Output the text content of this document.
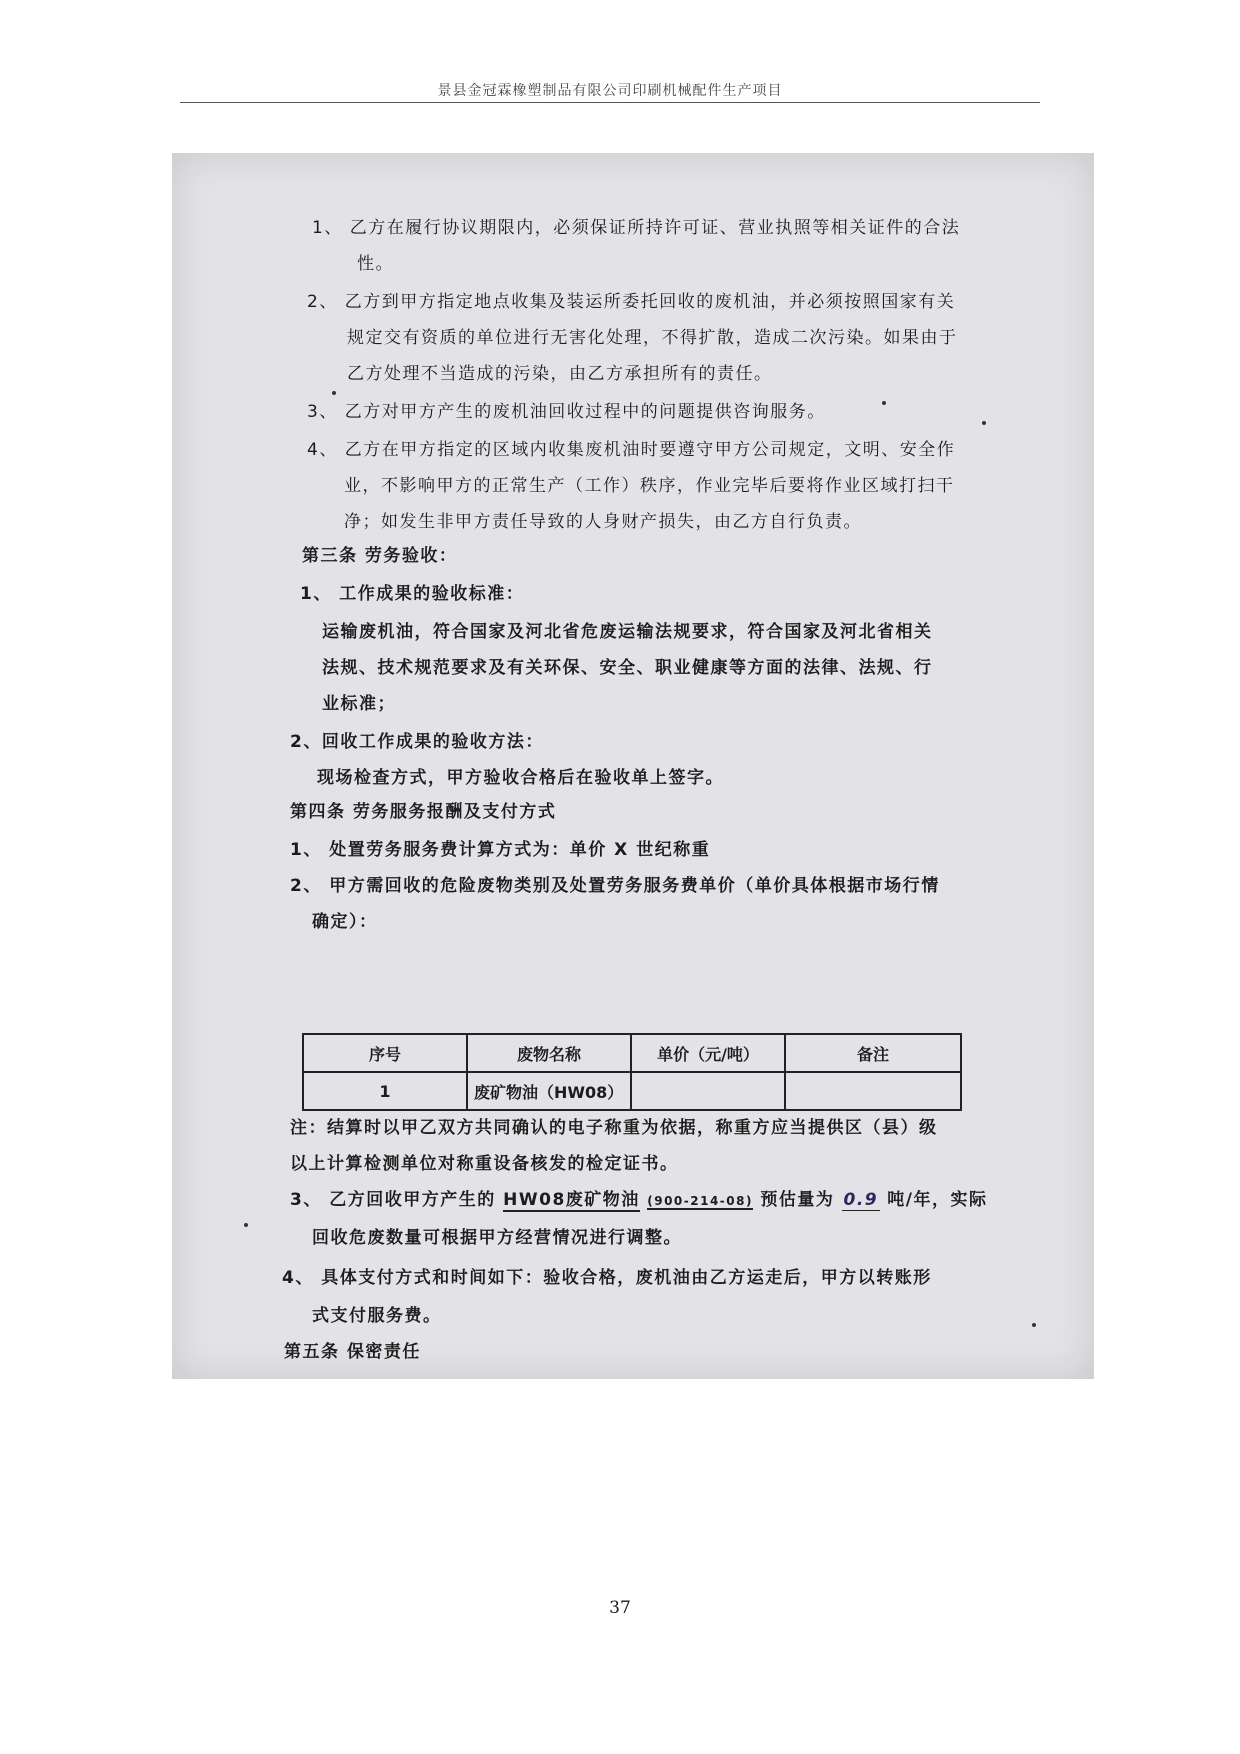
景县金冠霖橡塑制品有限公司印刷机械配件生产项目
1、 乙方在履行协议期限内，必须保证所持许可证、营业执照等相关证件的合法
性。
2、 乙方到甲方指定地点收集及装运所委托回收的废机油，并必须按照国家有关
规定交有资质的单位进行无害化处理，不得扩散，造成二次污染。如果由于
乙方处理不当造成的污染，由乙方承担所有的责任。
3、 乙方对甲方产生的废机油回收过程中的问题提供咨询服务。
4、 乙方在甲方指定的区域内收集废机油时要遵守甲方公司规定，文明、安全作
业，不影响甲方的正常生产（工作）秩序，作业完毕后要将作业区域打扫干
净；如发生非甲方责任导致的人身财产损失，由乙方自行负责。
第三条 劳务验收：
1、 工作成果的验收标准：
运输废机油，符合国家及河北省危废运输法规要求，符合国家及河北省相关
法规、技术规范要求及有关环保、安全、职业健康等方面的法律、法规、行
业标准；
2、回收工作成果的验收方法：
现场检查方式，甲方验收合格后在验收单上签字。
第四条 劳务服务报酬及支付方式
1、 处置劳务服务费计算方式为：单价 X 世纪称重
2、 甲方需回收的危险废物类别及处置劳务服务费单价（单价具体根据市场行情
确定）：
序号	废物名称	单价（元/吨）	备注
1	废矿物油（HW08）		
注：结算时以甲乙双方共同确认的电子称重为依据，称重方应当提供区（县）级
以上计算检测单位对称重设备核发的检定证书。
3、 乙方回收甲方产生的 HW08废矿物油 (900-214-08) 预估量为 0.9 吨/年，实际
回收危废数量可根据甲方经营情况进行调整。
4、 具体支付方式和时间如下：验收合格，废机油由乙方运走后，甲方以转账形
式支付服务费。
第五条 保密责任
37
